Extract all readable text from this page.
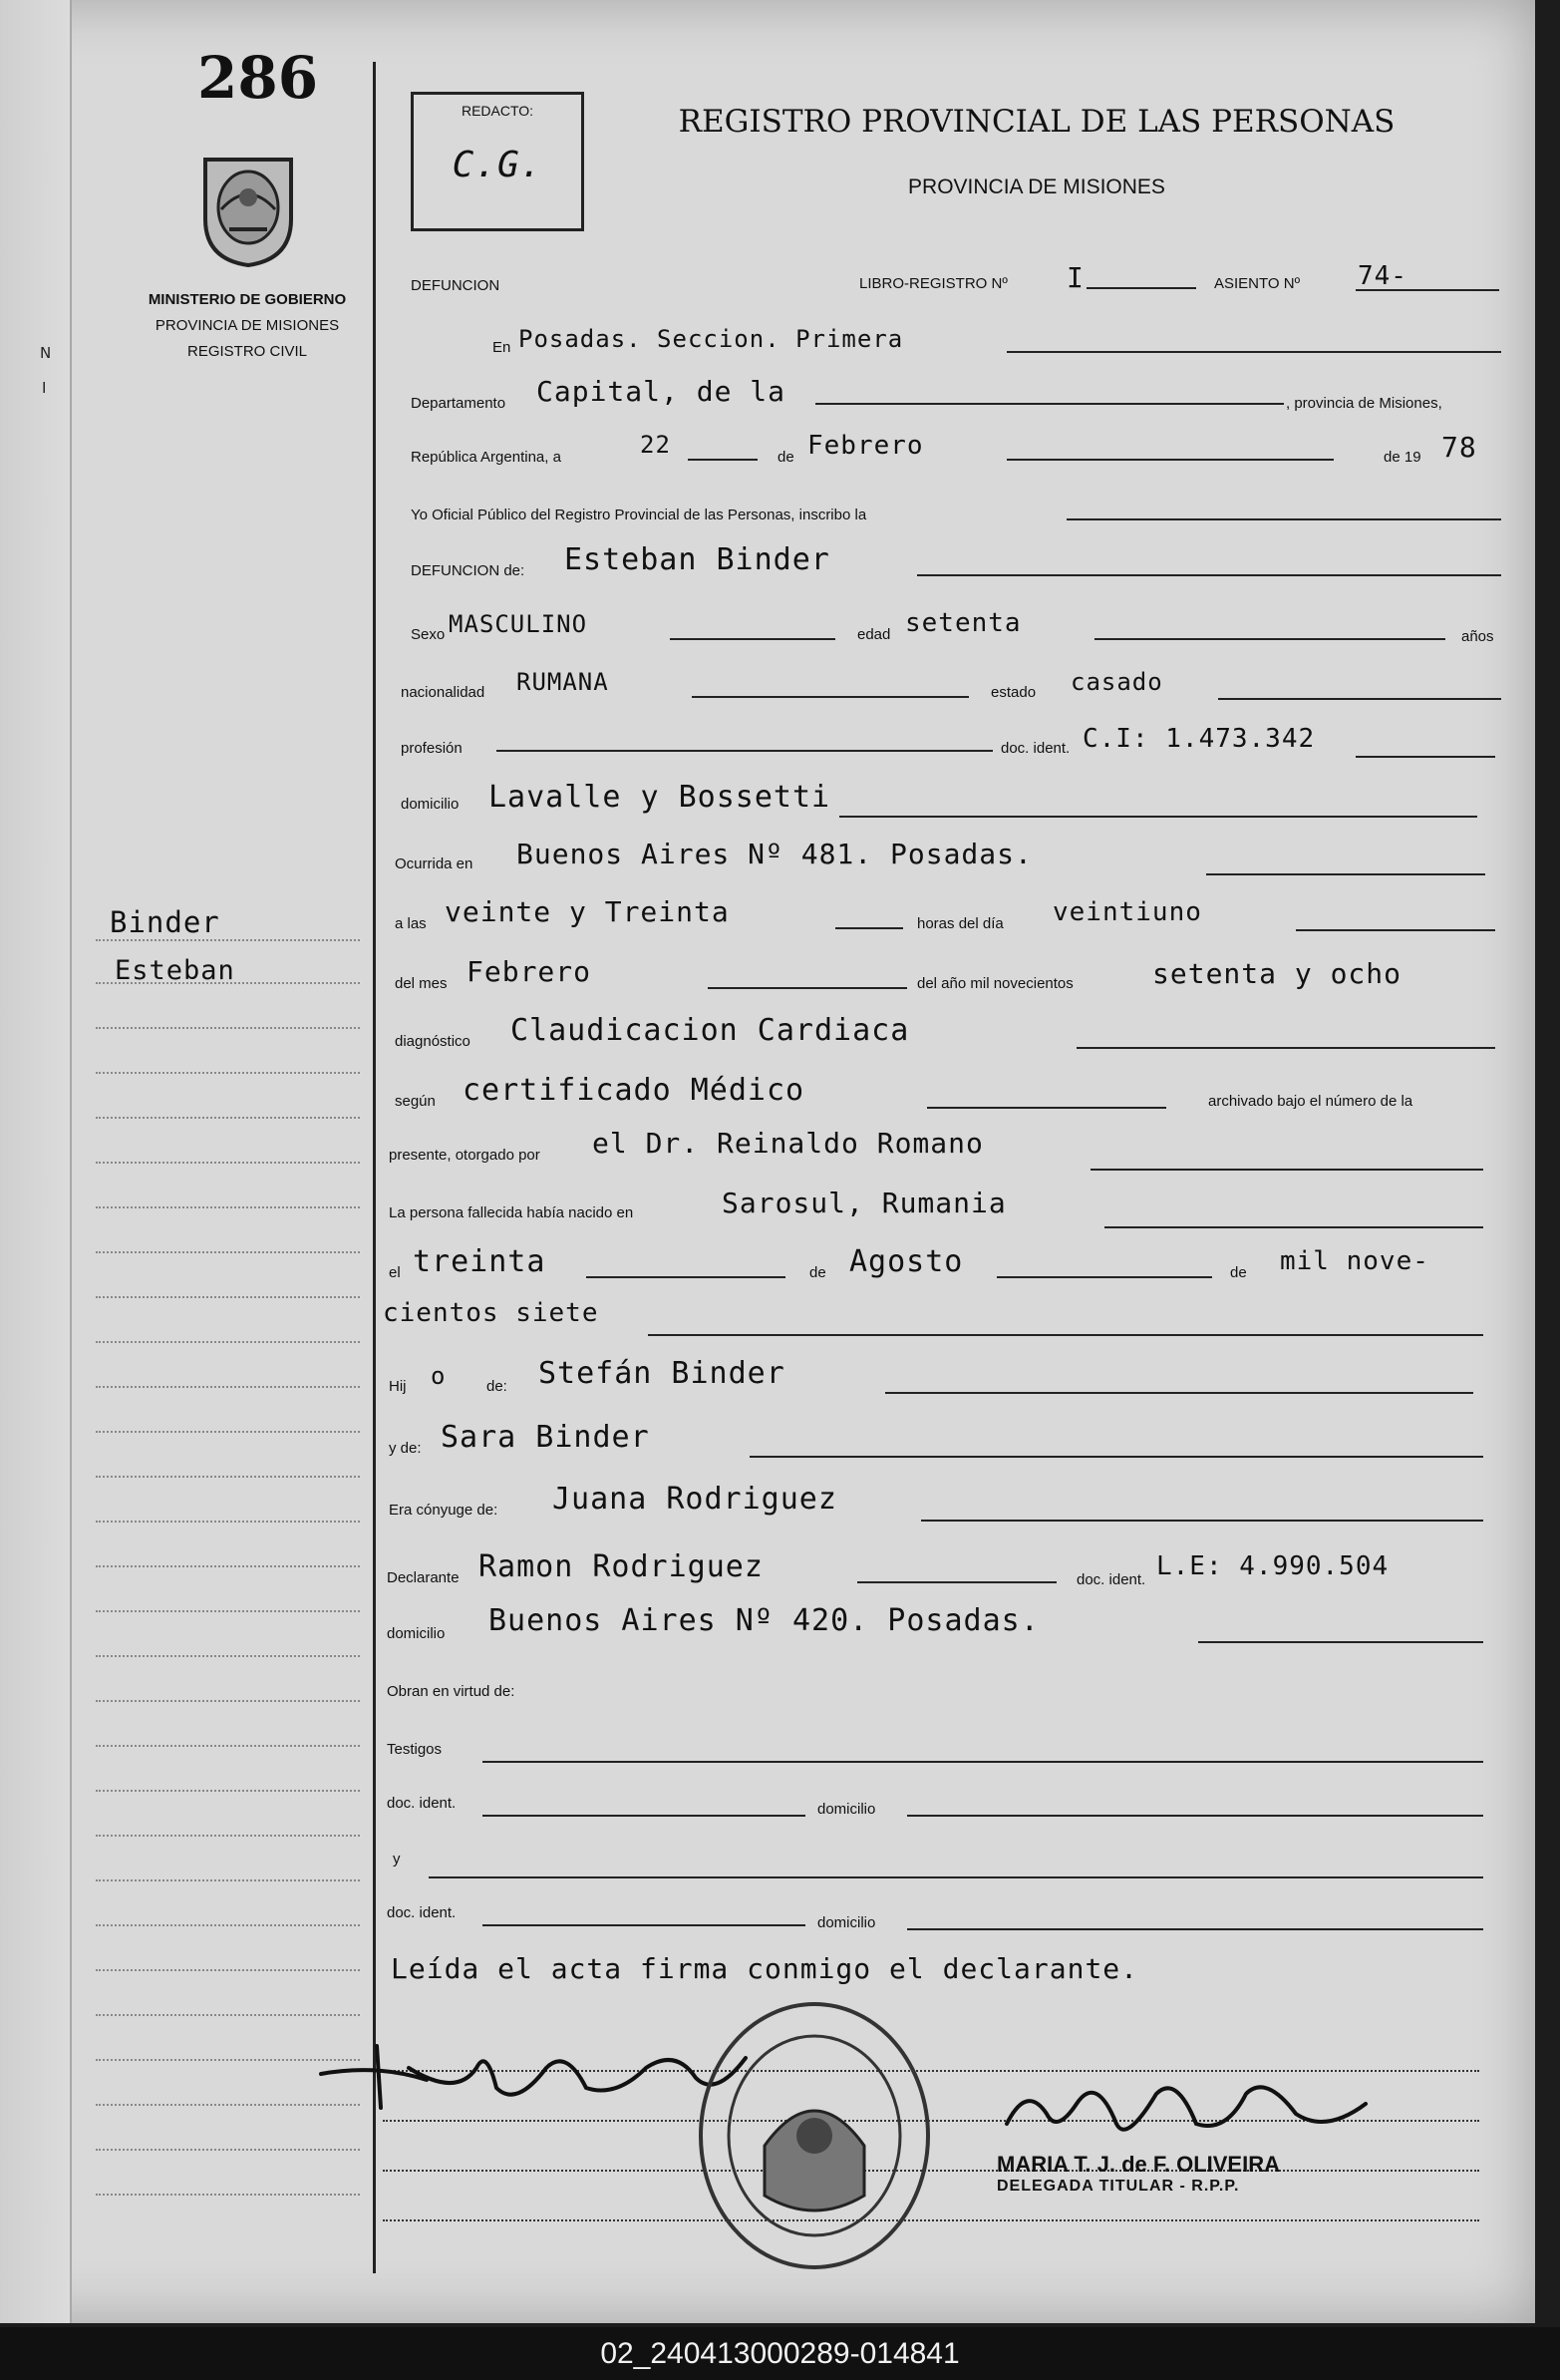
N
I
286
MINISTERIO DE GOBIERNO
PROVINCIA DE MISIONES
REGISTRO CIVIL
Binder
Esteban
REDACTO:
C.G.
REGISTRO PROVINCIAL DE LAS PERSONAS
PROVINCIA DE MISIONES
DEFUNCION	LIBRO-REGISTRO Nº I	ASIENTO Nº 74-
En Posadas. Seccion. Primera
Departamento Capital, de la	, provincia de Misiones,
República Argentina, a	22	de Febrero	de 19 78
Yo Oficial Público del Registro Provincial de las Personas, inscribo la
DEFUNCION de: Esteban Binder
Sexo MASCULINO	edad setenta	años
nacionalidad RUMANA	estado casado
profesión	doc. ident. C.I: 1.473.342
domicilio Lavalle y Bossetti
Ocurrida en Buenos Aires Nº 481. Posadas.
a las veinte y Treinta	horas del día veintiuno
del mes Febrero	del año mil novecientos	setenta y ocho
diagnóstico Claudicacion Cardiaca
según certificado Médico	archivado bajo el número de la
presente, otorgado por el Dr. Reinaldo Romano
La persona fallecida había nacido en	Sarosul, Rumania
el treinta	de Agosto	de mil nove-
cientos siete
Hij o	de: Stefán Binder
y de: Sara Binder
Era cónyuge de: Juana Rodriguez
Declarante Ramon Rodriguez	doc. ident. L.E: 4.990.504
domicilio Buenos Aires Nº 420. Posadas.
Obran en virtud de:
Testigos
doc. ident.	domicilio
y
doc. ident.
domicilio
Leída el acta firma conmigo el declarante.
MARIA T. J. de F. OLIVEIRA
DELEGADA TITULAR - R.P.P.
02_240413000289-014841
